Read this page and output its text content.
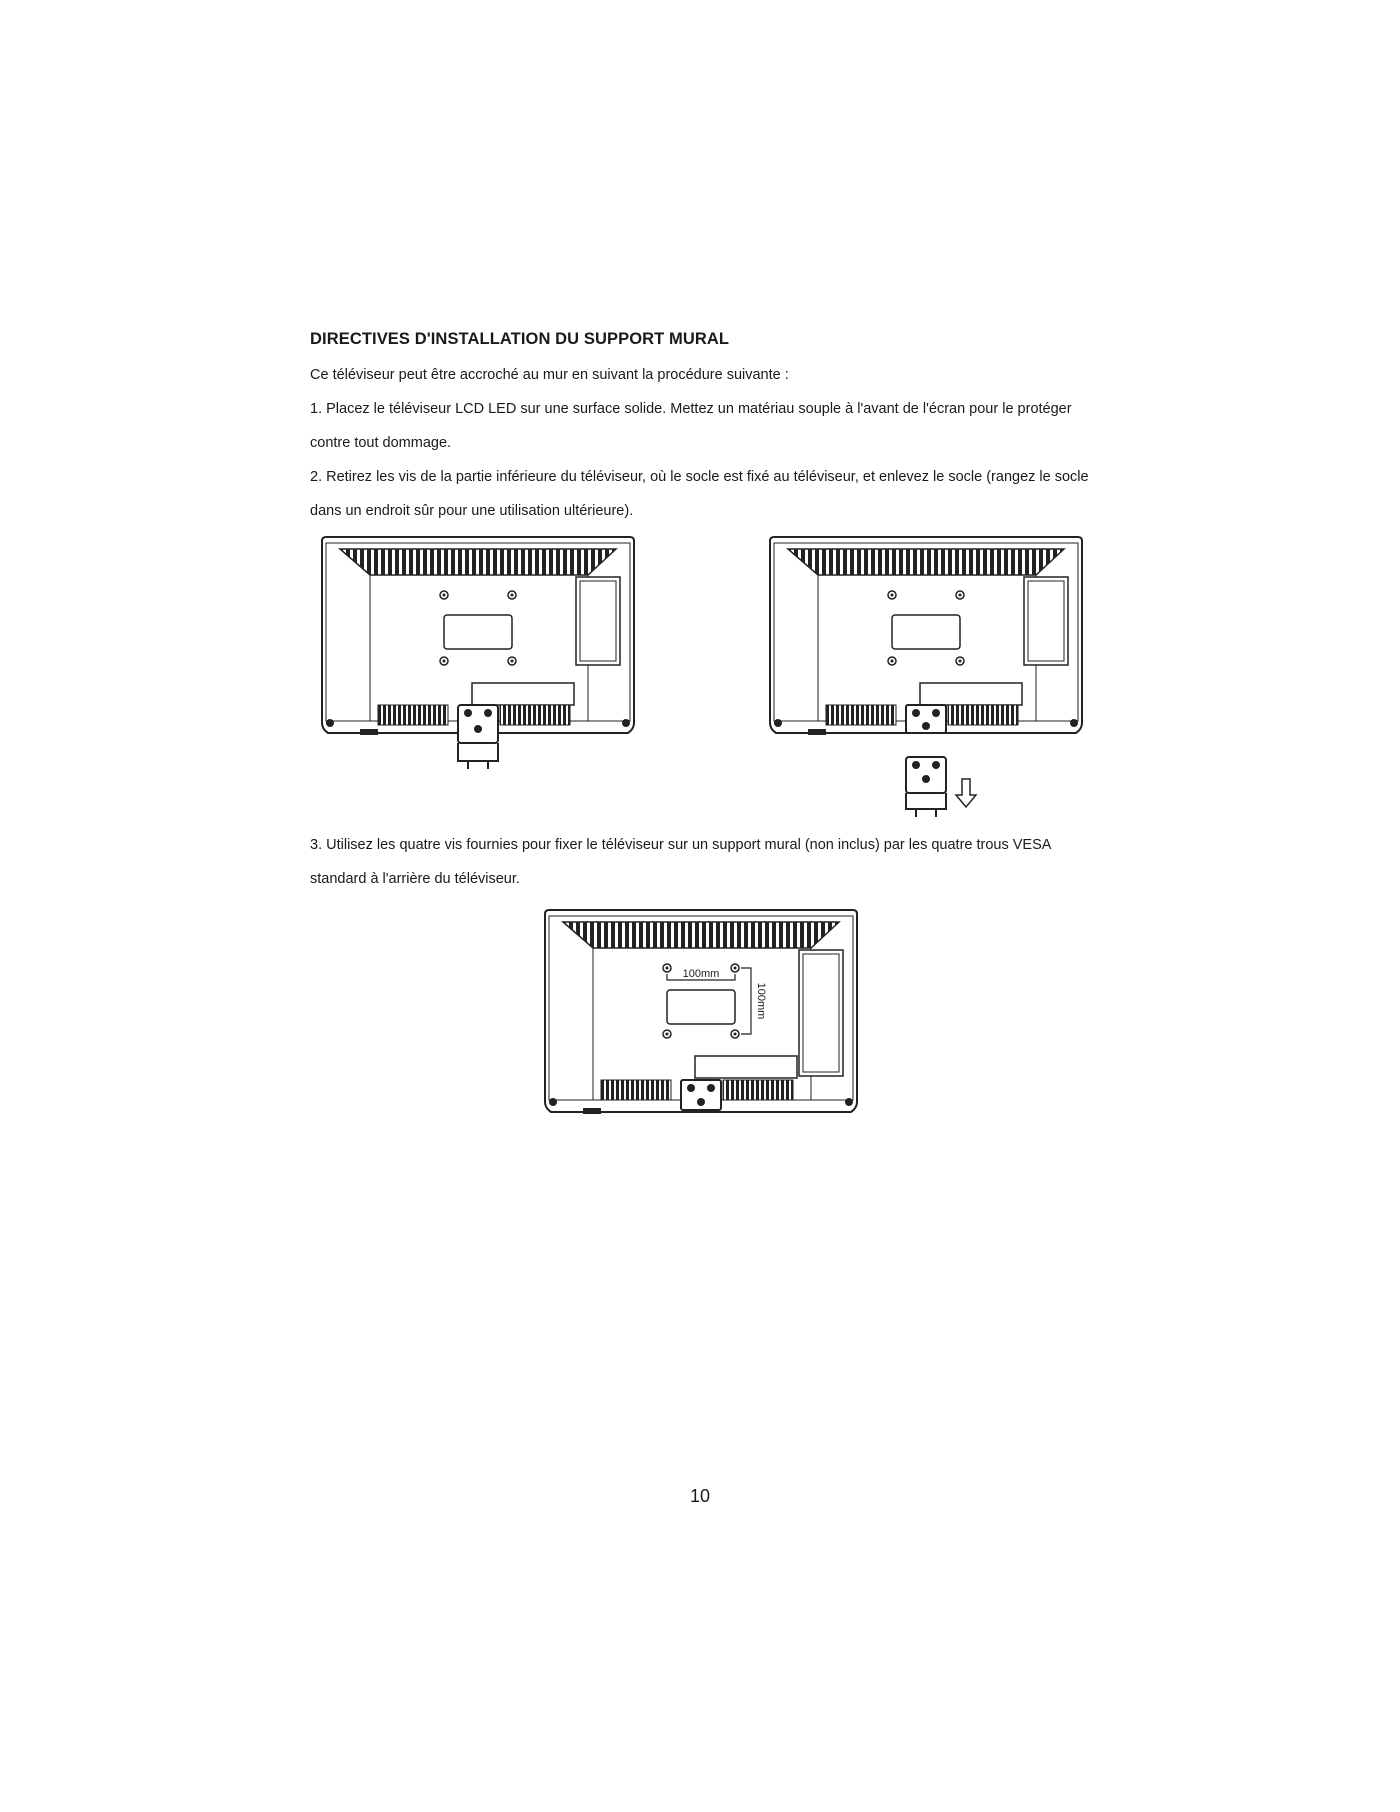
DIRECTIVES D'INSTALLATION DU SUPPORT MURAL

Ce téléviseur peut être accroché au mur en suivant la procédure suivante :

1. Placez le téléviseur LCD LED sur une surface solide. Mettez un matériau souple à l'avant de l'écran pour le protéger contre tout dommage.

2. Retirez les vis de la partie inférieure du téléviseur, où le socle est fixé au téléviseur, et enlevez le socle (rangez le socle dans un endroit sûr pour une utilisation ultérieure).

3. Utilisez les quatre vis fournies pour fixer le téléviseur sur un support mural (non inclus) par les quatre trous VESA standard à l'arrière du téléviseur.

100mm
100mm

10
